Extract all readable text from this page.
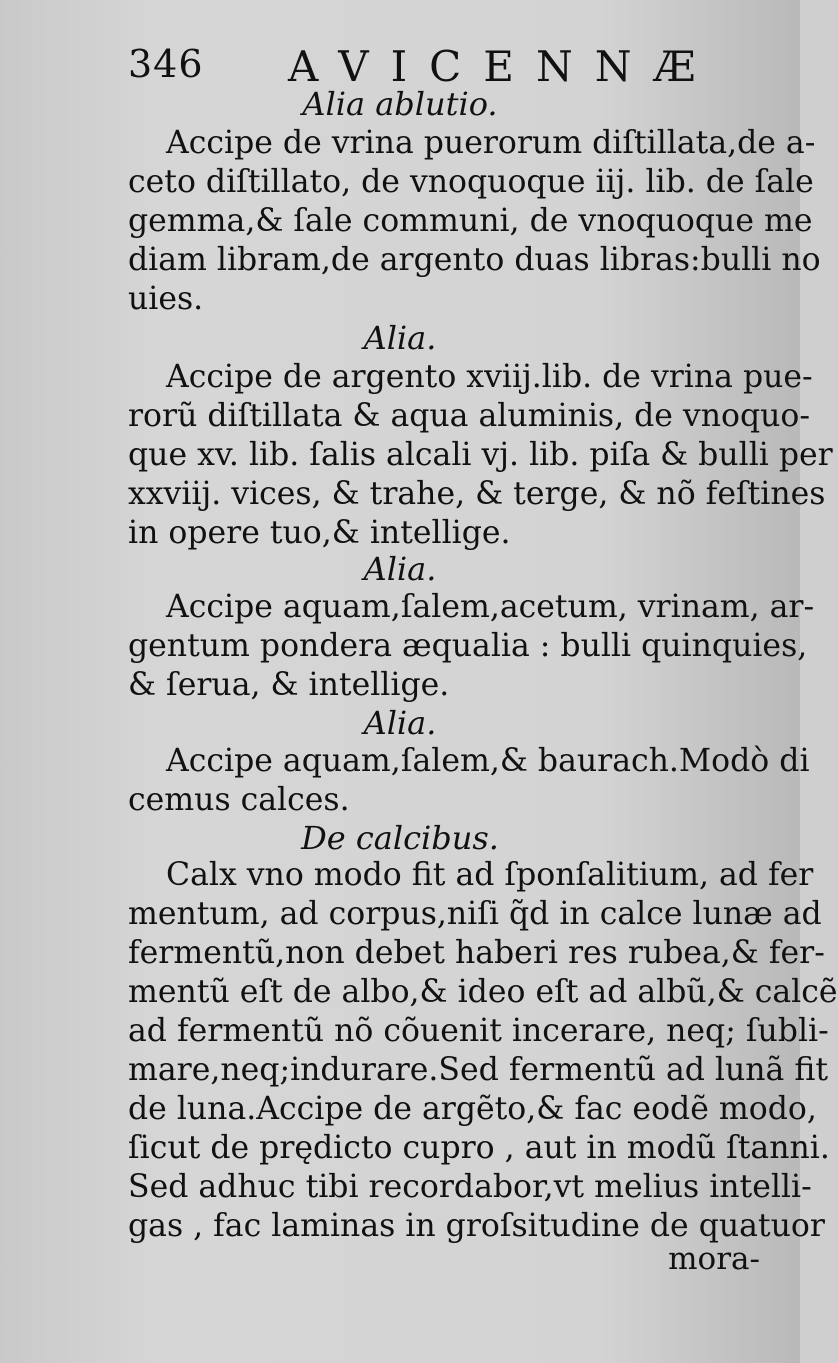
346 AVICENNÆ
Alia ablutio.
Accipe de vrina puerorum diſtillata,de a-
ceto diſtillato, de vnoquoque iij. lib. de ſale
gemma,& ſale communi, de vnoquoque me
diam libram,de argento duas libras:bulli no
uies.
Alia.
Accipe de argento xviij.lib. de vrina pue-
rorũ diſtillata & aqua aluminis, de vnoquo-
que xv. lib. ſalis alcali vj. lib. piſa & bulli per
xxviij. vices, & trahe, & terge, & nõ feſtines
in opere tuo,& intellige.
Alia.
Accipe aquam,ſalem,acetum, vrinam, ar-
gentum pondera æqualia : bulli quinquies,
& ſerua, & intellige.
Alia.
Accipe aquam,ſalem,& baurach.Modò di
cemus calces.
De calcibus.
Calx vno modo fit ad ſponſalitium, ad fer
mentum, ad corpus,niſi q̃d in calce lunæ ad
fermentũ,non debet haberi res rubea,& fer-
mentũ eſt de albo,& ideo eſt ad albũ,& calcẽ
ad fermentũ nõ cõuenit incerare, neq; ſubli-
mare,neq;indurare.Sed fermentũ ad lunã fit
de luna.Accipe de argẽto,& fac eodẽ modo,
ſicut de prędicto cupro , aut in modũ ſtanni.
Sed adhuc tibi recordabor,vt melius intelli-
gas , fac laminas in groſsitudine de quatuor
mora-
